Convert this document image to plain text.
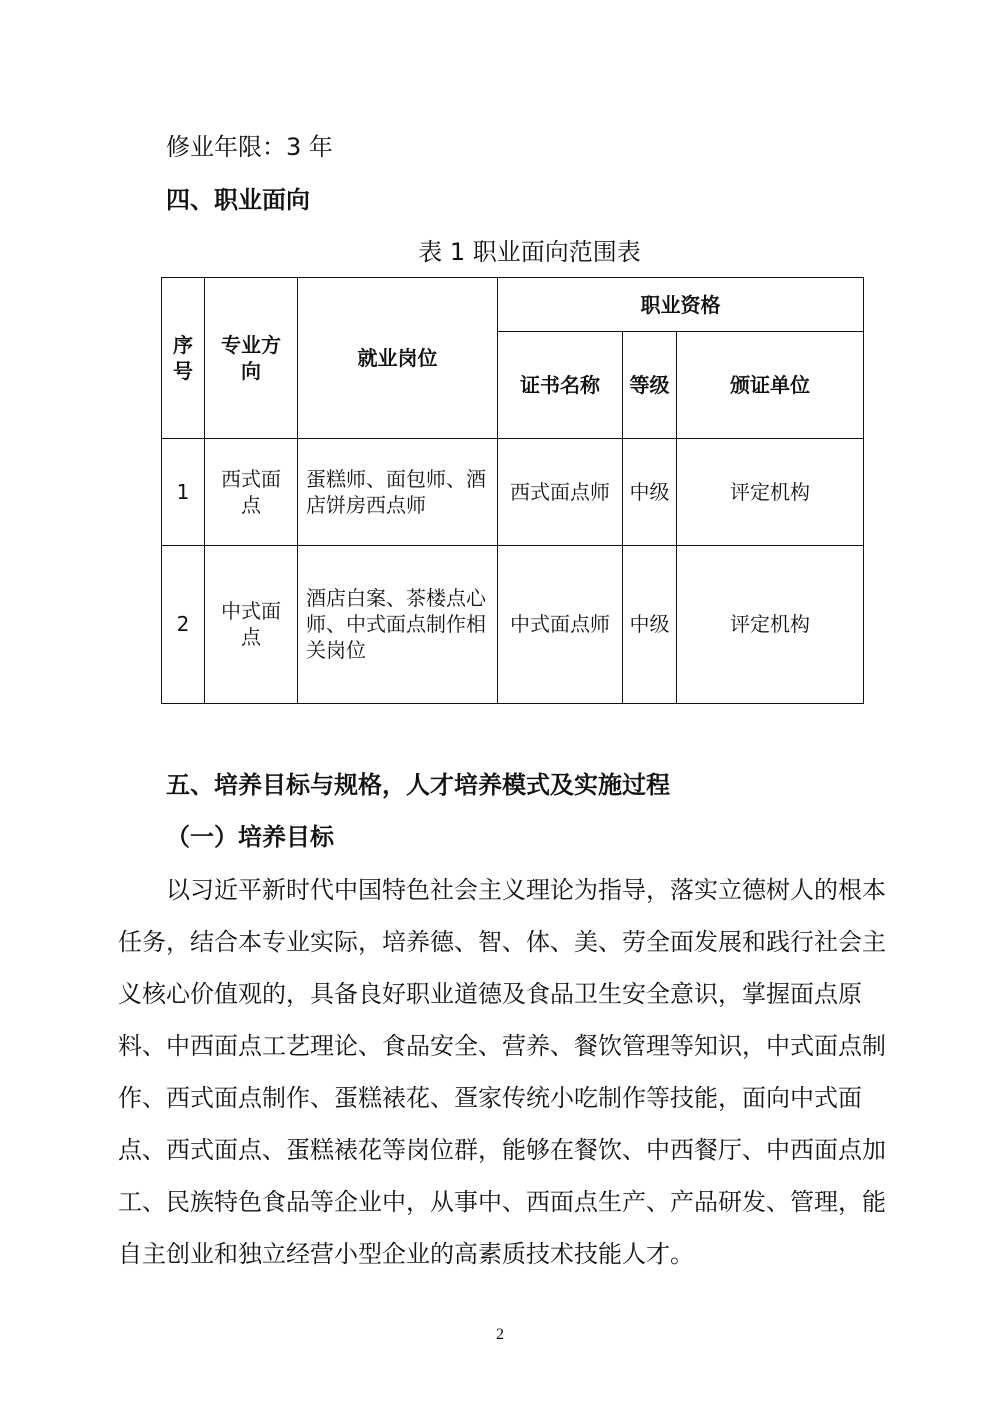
修业年限：3 年
四、职业面向
表 1 职业面向范围表
序号	专业方向	就业岗位	职业资格		
			证书名称	等级	颁证单位
1	西式面点	蛋糕师、面包师、酒店饼房西点师	西式面点师	中级	评定机构
2	中式面点	酒店白案、茶楼点心师、中式面点制作相关岗位	中式面点师	中级	评定机构
五、培养目标与规格，人才培养模式及实施过程
（一）培养目标
以习近平新时代中国特色社会主义理论为指导，落实立德树人的根本任务，结合本专业实际，培养德、智、体、美、劳全面发展和践行社会主义核心价值观的，具备良好职业道德及食品卫生安全意识，掌握面点原料、中西面点工艺理论、食品安全、营养、餐饮管理等知识，中式面点制作、西式面点制作、蛋糕裱花、疍家传统小吃制作等技能，面向中式面点、西式面点、蛋糕裱花等岗位群，能够在餐饮、中西餐厅、中西面点加工、民族特色食品等企业中，从事中、西面点生产、产品研发、管理，能自主创业和独立经营小型企业的高素质技术技能人才。
2
